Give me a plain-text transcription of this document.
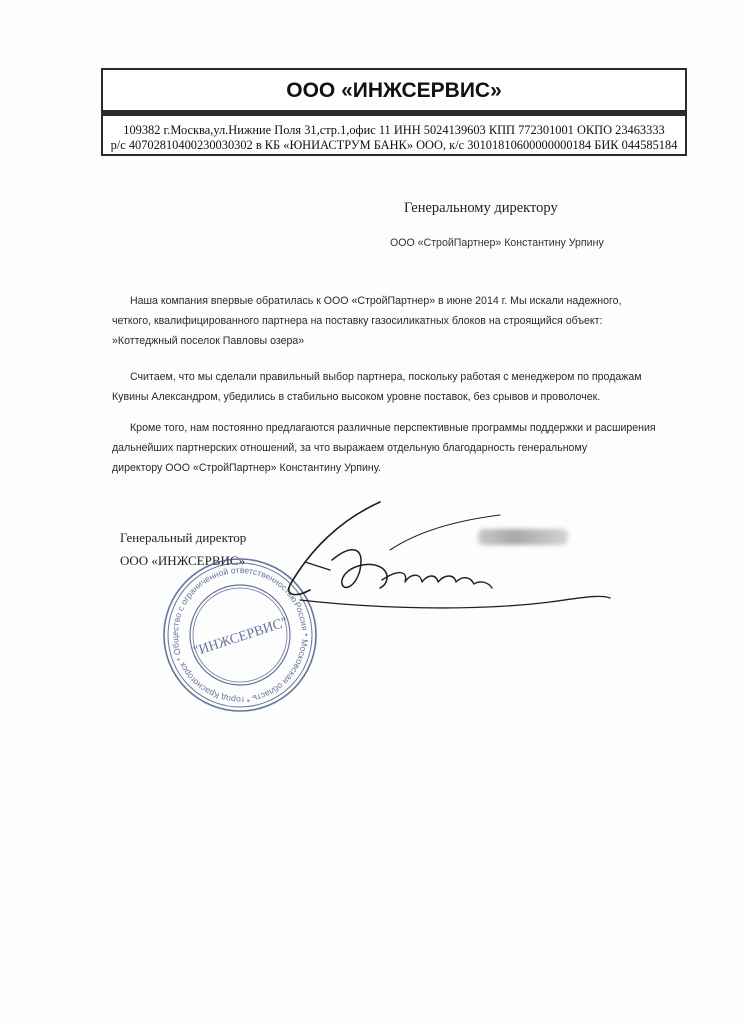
ООО «ИНЖСЕРВИС»
109382 г.Москва,ул.Нижние Поля 31,стр.1,офис 11 ИНН 5024139603 КПП 772301001 ОКПО 23463333
р/с 40702810400230030302 в КБ «ЮНИАСТРУМ БАНК» ООО, к/с 30101810600000000184 БИК 044585184
Генеральному директору
ООО «СтройПартнер» Константину Урпину
Наша компания впервые обратилась к ООО «СтройПартнер» в июне 2014 г. Мы искали надежного,
четкого, квалифицированного партнера на поставку газосиликатных блоков на строящийся объект:
»Коттеджный поселок Павловы озера»
Считаем, что мы сделали правильный выбор партнера, поскольку работая с менеджером по продажам
Кувины Александром, убедились в стабильно высоком уровне поставок, без срывов и проволочек.
Кроме того, нам постоянно предлагаются различные перспективные программы поддержки и расширения
дальнейших партнерских отношений, за что выражаем отдельную благодарность генеральному
директору ООО «СтройПартнер» Константину Урпину.
Генеральный директор
ООО «ИНЖСЕРВИС»
Россия * Московская область * город Красногорск * Общество с ограниченной ответственностью
"ИНЖСЕРВИС"
